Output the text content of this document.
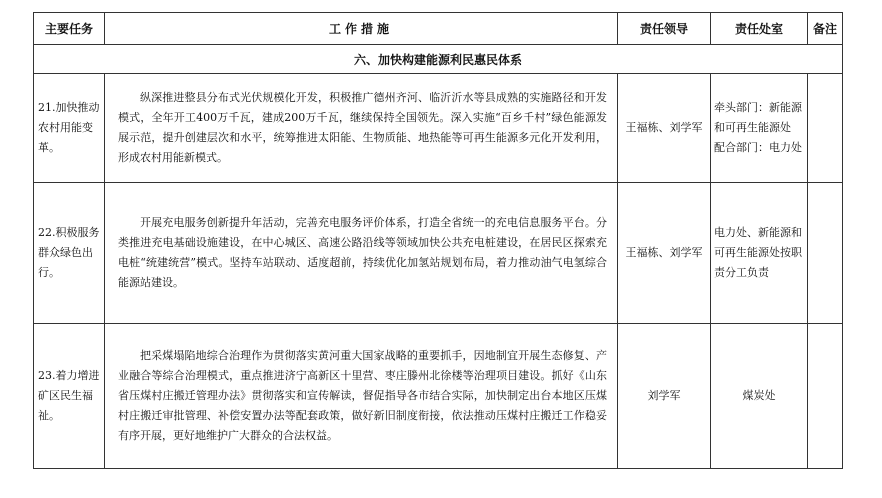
主要任务	工作措施	责任领导	责任处室	备注
六、加快构建能源利民惠民体系				
21.加快推动农村用能变革。	纵深推进整县分布式光伏规模化开发，积极推广德州齐河、临沂沂水等县成熟的实施路径和开发模式，全年开工400万千瓦，建成200万千瓦，继续保持全国领先。深入实施“百乡千村”绿色能源发展示范，提升创建层次和水平，统筹推进太阳能、生物质能、地热能等可再生能源多元化开发利用，形成农村用能新模式。	王福栋、刘学军	牵头部门：新能源和可再生能源处
配合部门：电力处	

22.积极服务群众绿色出行。	开展充电服务创新提升年活动，完善充电服务评价体系，打造全省统一的充电信息服务平台。分类推进充电基础设施建设，在中心城区、高速公路沿线等领域加快公共充电桩建设，在居民区探索充电桩“统建统营”模式。坚持车站联动、适度超前，持续优化加氢站规划布局，着力推动油气电氢综合能源站建设。	王福栋、刘学军	电力处、新能源和可再生能源处按职责分工负责	
23.着力增进矿区民生福祉。	把采煤塌陷地综合治理作为贯彻落实黄河重大国家战略的重要抓手，因地制宜开展生态修复、产业融合等综合治理模式，重点推进济宁高新区十里营、枣庄滕州北徐楼等治理项目建设。抓好《山东省压煤村庄搬迁管理办法》贯彻落实和宣传解读，督促指导各市结合实际，加快制定出台本地区压煤村庄搬迁审批管理、补偿安置办法等配套政策，做好新旧制度衔接，依法推动压煤村庄搬迁工作稳妥有序开展，更好地维护广大群众的合法权益。	刘学军	煤炭处	
